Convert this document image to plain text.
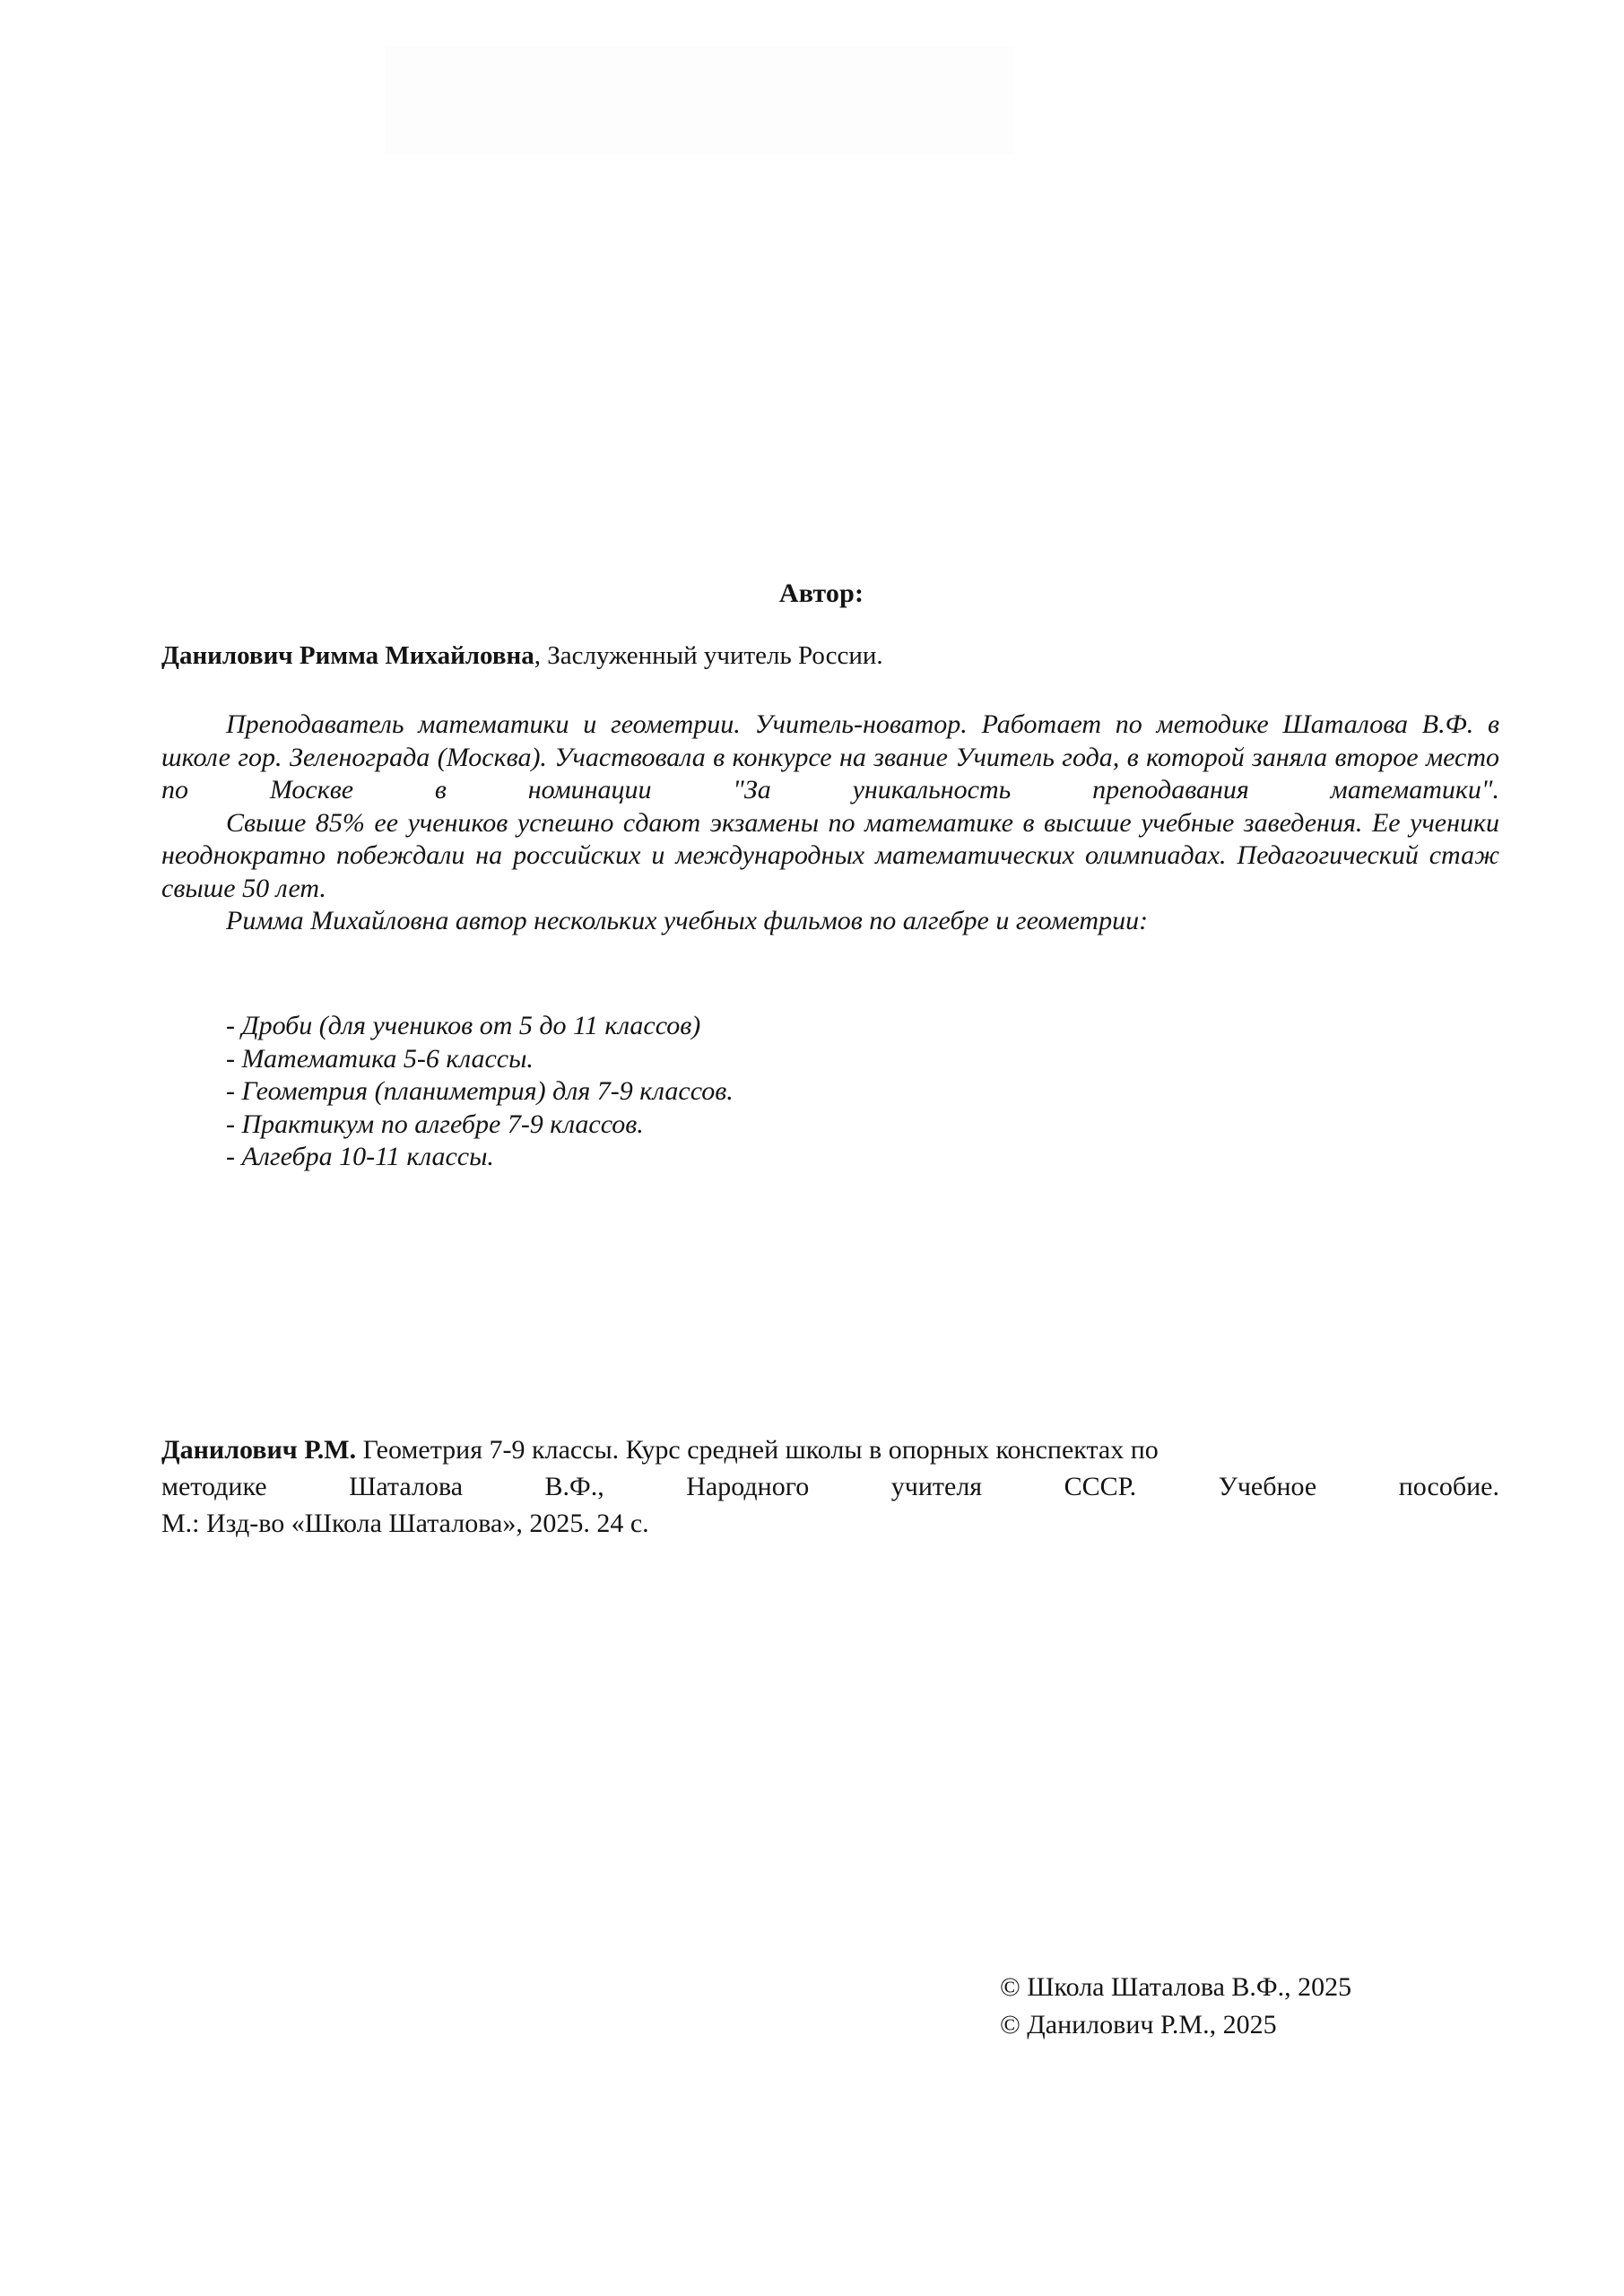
Автор:
Данилович Римма Михайловна, Заслуженный учитель России.

Преподаватель математики и геометрии. Учитель-новатор. Работает по методике Шаталова В.Ф. в школе гор. Зеленограда (Москва). Участвовала в конкурсе на звание Учитель года, в которой заняла второе место по Москве в номинации "За уникальность преподавания математики".

Свыше 85% ее учеников успешно сдают экзамены по математике в высшие учебные заведения. Ее ученики неоднократно побеждали на российских и международных математических олимпиадах. Педагогический стаж свыше 50 лет.

Римма Михайловна автор нескольких учебных фильмов по алгебре и геометрии:

- Дроби (для учеников от 5 до 11 классов)

- Математика 5-6 классы.

- Геометрия (планиметрия) для 7-9 классов.

- Практикум по алгебре 7-9 классов.

- Алгебра 10-11 классы.

Данилович Р.М. Геометрия 7-9 классы. Курс средней школы в опорных конспектах по

методике Шаталова В.Ф., Народного учителя СССР. Учебное пособие.

М.: Изд-во «Школа Шаталова», 2025. 24 с.

© Школа Шаталова В.Ф., 2025

© Данилович Р.М., 2025
